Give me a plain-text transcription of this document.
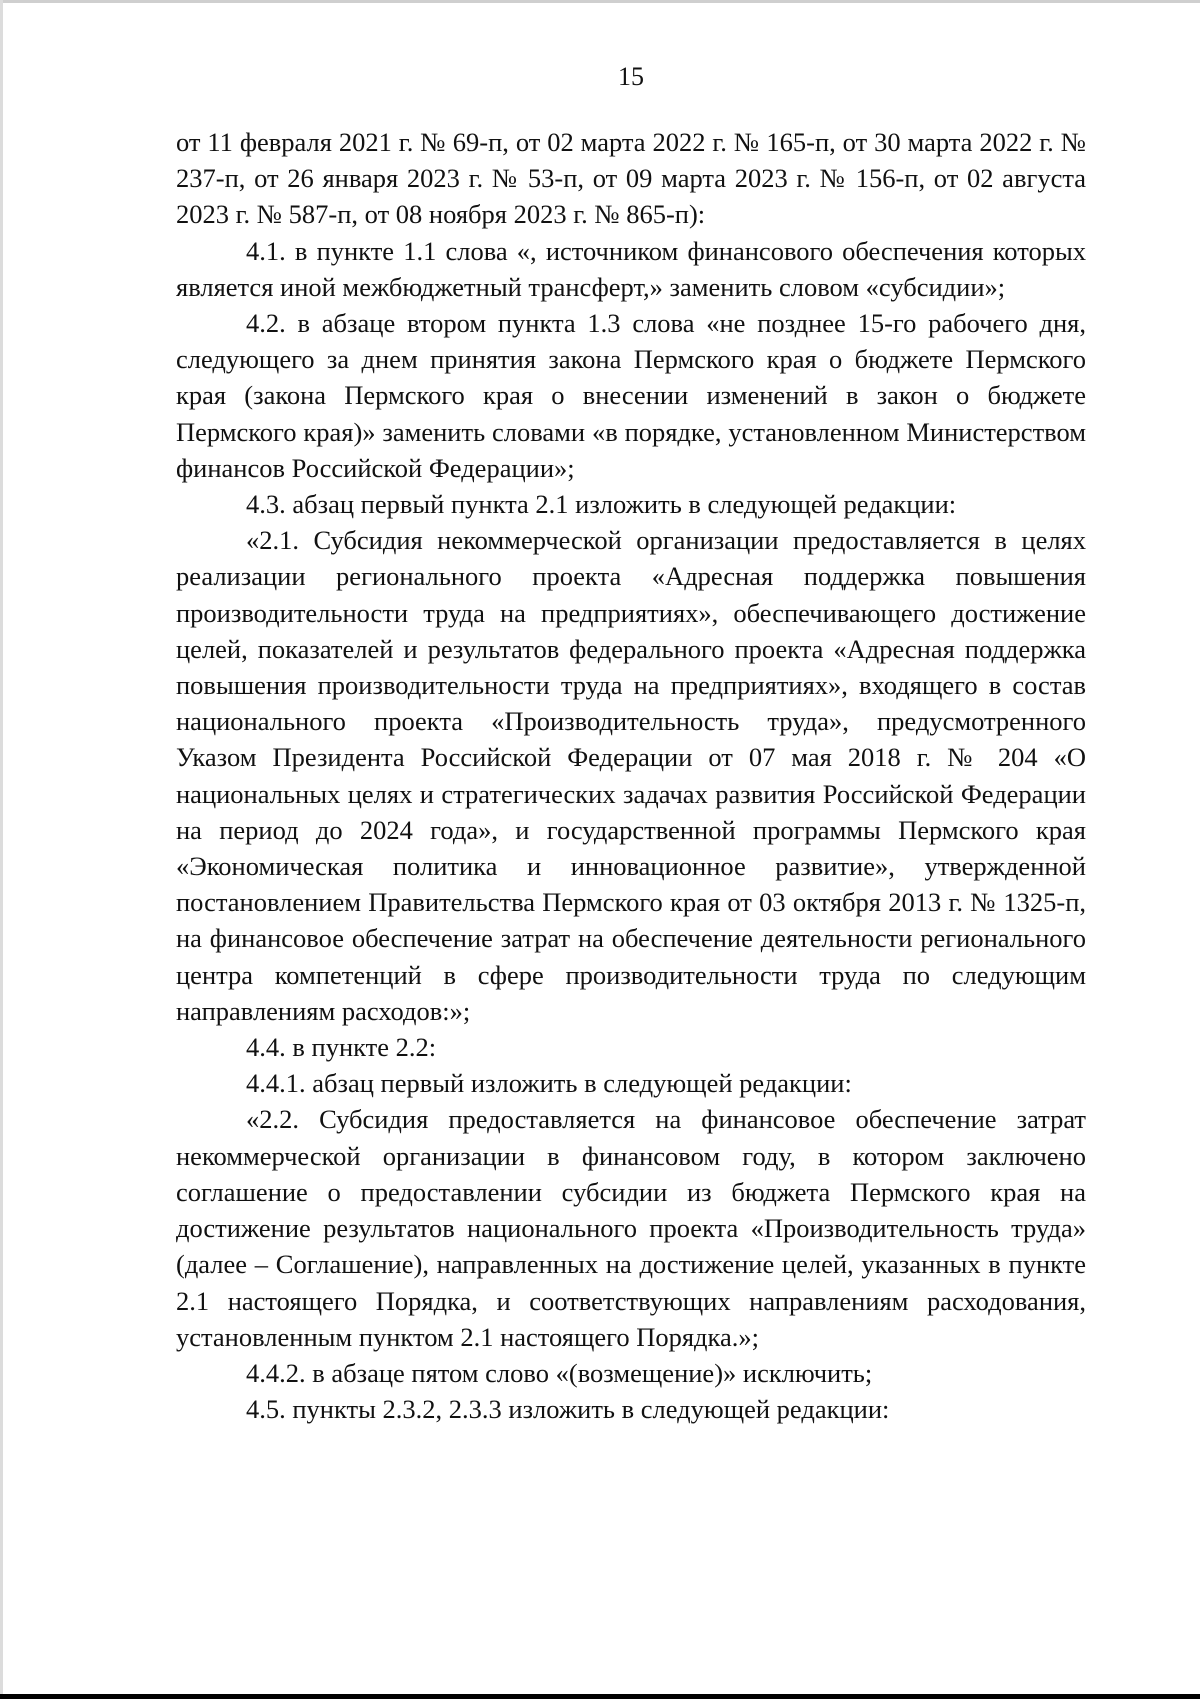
15

от 11 февраля 2021 г. № 69-п, от 02 марта 2022 г. № 165-п, от 30 марта 2022 г. № 237-п, от 26 января 2023 г. № 53-п, от 09 марта 2023 г. № 156-п, от 02 августа 2023 г. № 587-п, от 08 ноября 2023 г. № 865-п):

4.1. в пункте 1.1 слова «, источником финансового обеспечения которых является иной межбюджетный трансферт,» заменить словом «субсидии»;

4.2. в абзаце втором пункта 1.3 слова «не позднее 15-го рабочего дня, следующего за днем принятия закона Пермского края о бюджете Пермского края (закона Пермского края о внесении изменений в закон о бюджете Пермского края)» заменить словами «в порядке, установленном Министерством финансов Российской Федерации»;

4.3. абзац первый пункта 2.1 изложить в следующей редакции:

«2.1. Субсидия некоммерческой организации предоставляется в целях реализации регионального проекта «Адресная поддержка повышения производительности труда на предприятиях», обеспечивающего достижение целей, показателей и результатов федерального проекта «Адресная поддержка повышения производительности труда на предприятиях», входящего в состав национального проекта «Производительность труда», предусмотренного Указом Президента Российской Федерации от 07 мая 2018 г. № 204 «О национальных целях и стратегических задачах развития Российской Федерации на период до 2024 года», и государственной программы Пермского края «Экономическая политика и инновационное развитие», утвержденной постановлением Правительства Пермского края от 03 октября 2013 г. № 1325-п, на финансовое обеспечение затрат на обеспечение деятельности регионального центра компетенций в сфере производительности труда по следующим направлениям расходов:»;

4.4. в пункте 2.2:

4.4.1. абзац первый изложить в следующей редакции:

«2.2. Субсидия предоставляется на финансовое обеспечение затрат некоммерческой организации в финансовом году, в котором заключено соглашение о предоставлении субсидии из бюджета Пермского края на достижение результатов национального проекта «Производительность труда» (далее – Соглашение), направленных на достижение целей, указанных в пункте 2.1 настоящего Порядка, и соответствующих направлениям расходования, установленным пунктом 2.1 настоящего Порядка.»;

4.4.2. в абзаце пятом слово «(возмещение)» исключить;

4.5. пункты 2.3.2, 2.3.3 изложить в следующей редакции:
